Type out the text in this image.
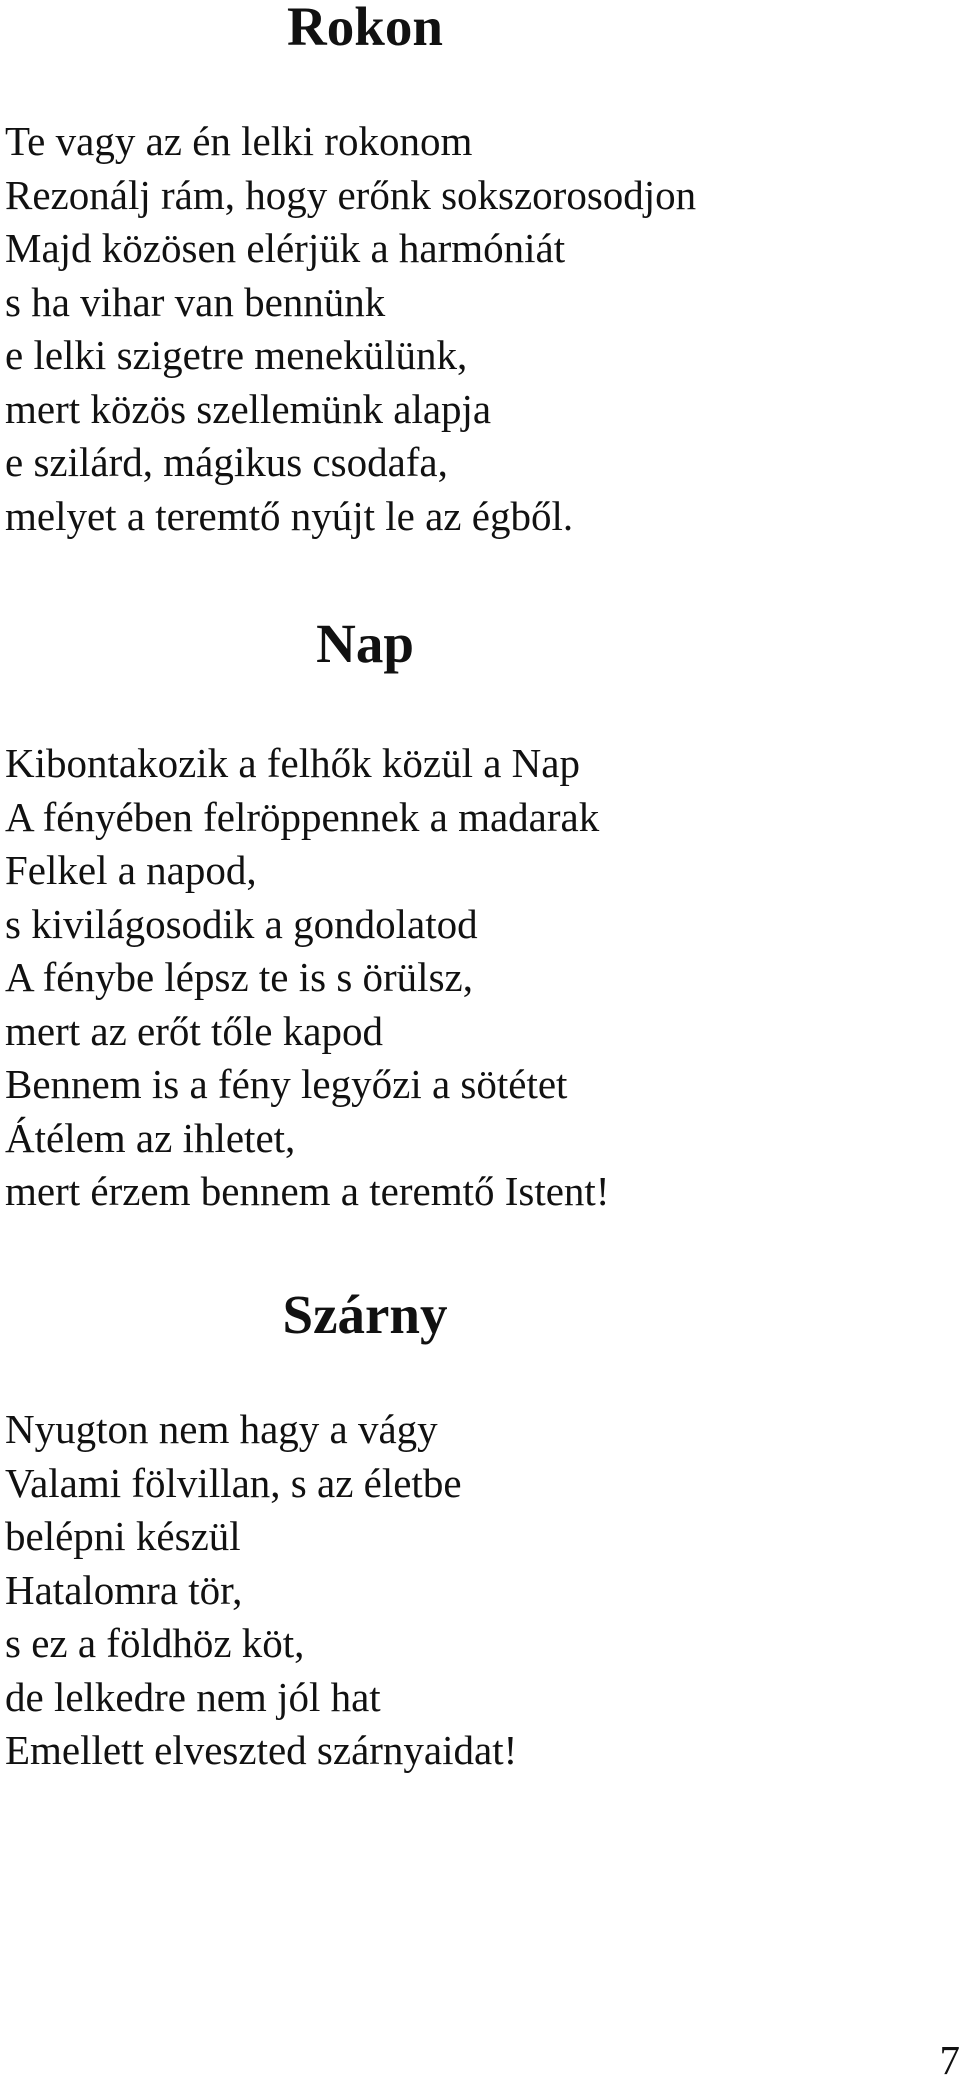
Rokon
Te vagy az én lelki rokonom
Rezonálj rám, hogy erőnk sokszorosodjon
Majd közösen elérjük a harmóniát
s ha vihar van bennünk
e lelki szigetre menekülünk,
mert közös szellemünk alapja
e szilárd, mágikus csodafa,
melyet a teremtő nyújt le az égből.
Nap
Kibontakozik a felhők közül a Nap
A fényében felröppennek a madarak
Felkel a napod,
s kivilágosodik a gondolatod
A fénybe lépsz te is s örülsz,
mert az erőt tőle kapod
Bennem is a fény legyőzi a sötétet
Átélem az ihletet,
mert érzem bennem a teremtő Istent!
Szárny
Nyugton nem hagy a vágy
Valami fölvillan, s az életbe
belépni készül
Hatalomra tör,
s ez a földhöz köt,
de lelkedre nem jól hat
Emellett elveszted szárnyaidat!
7
